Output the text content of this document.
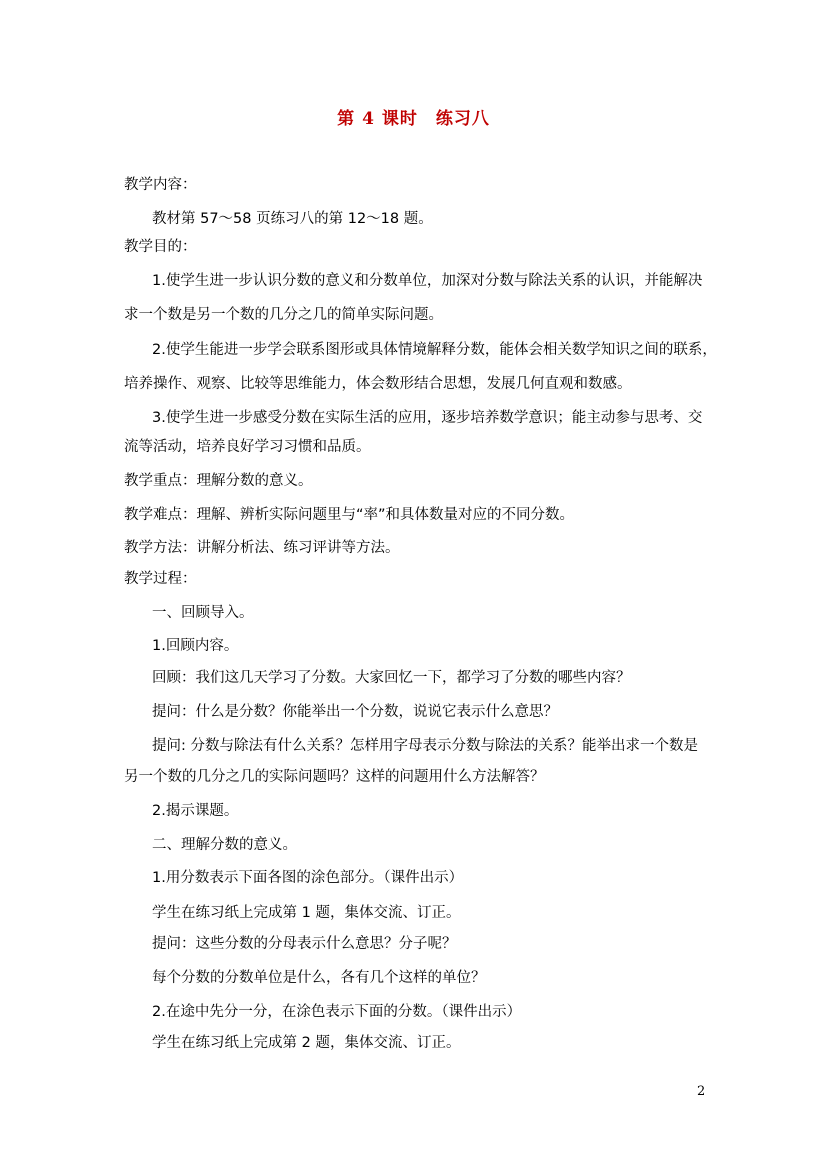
第 4 课时　练习八
教学内容：
教材第 57～58 页练习八的第 12～18 题。
教学目的：
1.使学生进一步认识分数的意义和分数单位，加深对分数与除法关系的认识，并能解决
求一个数是另一个数的几分之几的简单实际问题。
2.使学生能进一步学会联系图形或具体情境解释分数，能体会相关数学知识之间的联系，
培养操作、观察、比较等思维能力，体会数形结合思想，发展几何直观和数感。
3.使学生进一步感受分数在实际生活的应用，逐步培养数学意识；能主动参与思考、交
流等活动，培养良好学习习惯和品质。
教学重点：理解分数的意义。
教学难点：理解、辨析实际问题里与“率”和具体数量对应的不同分数。
教学方法：讲解分析法、练习评讲等方法。
教学过程：
一、回顾导入。
1.回顾内容。
回顾：我们这几天学习了分数。大家回忆一下，都学习了分数的哪些内容？
提问：什么是分数？你能举出一个分数，说说它表示什么意思？
提问: 分数与除法有什么关系？怎样用字母表示分数与除法的关系？能举出求一个数是
另一个数的几分之几的实际问题吗？这样的问题用什么方法解答？
2.揭示课题。
二、理解分数的意义。
1.用分数表示下面各图的涂色部分。（课件出示）
学生在练习纸上完成第 1 题，集体交流、订正。
提问：这些分数的分母表示什么意思？分子呢？
每个分数的分数单位是什么，各有几个这样的单位？
2.在途中先分一分，在涂色表示下面的分数。（课件出示）
学生在练习纸上完成第 2 题，集体交流、订正。
2
